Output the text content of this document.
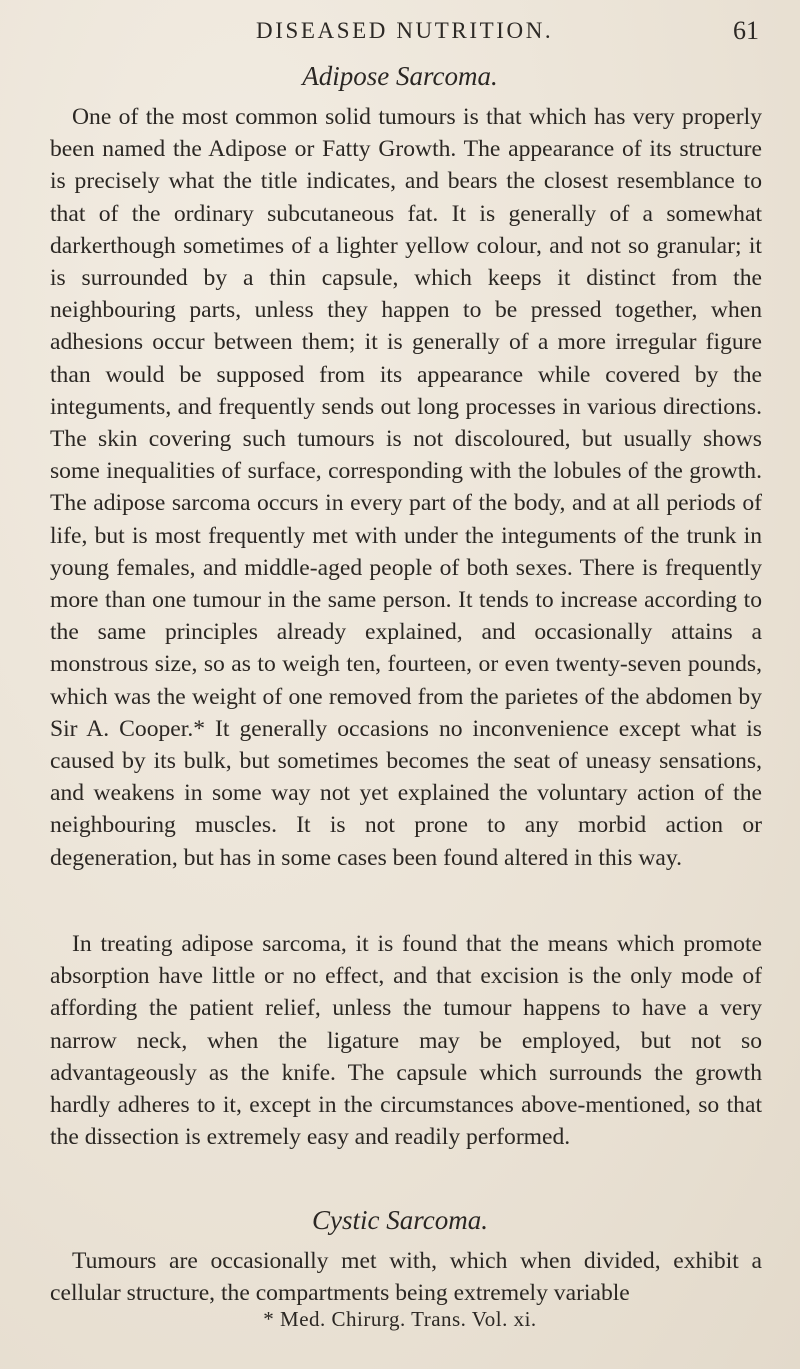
DISEASED NUTRITION.	61
Adipose Sarcoma.

One of the most common solid tumours is that which has very properly been named the Adipose or Fatty Growth. The appearance of its structure is precisely what the title indicates, and bears the closest resemblance to that of the ordinary subcutaneous fat. It is generally of a somewhat darkerthough sometimes of a lighter yellow colour, and not so granular; it is surrounded by a thin capsule, which keeps it distinct from the neighbouring parts, unless they happen to be pressed together, when adhesions occur between them; it is generally of a more irregular figure than would be supposed from its appearance while covered by the integuments, and frequently sends out long processes in various directions. The skin covering such tumours is not discoloured, but usually shows some inequalities of surface, corresponding with the lobules of the growth. The adipose sarcoma occurs in every part of the body, and at all periods of life, but is most frequently met with under the integuments of the trunk in young females, and middle-aged people of both sexes. There is frequently more than one tumour in the same person. It tends to increase according to the same principles already explained, and occasionally attains a monstrous size, so as to weigh ten, fourteen, or even twenty-seven pounds, which was the weight of one removed from the parietes of the abdomen by Sir A. Cooper.* It generally occasions no inconvenience except what is caused by its bulk, but sometimes becomes the seat of uneasy sensations, and weakens in some way not yet explained the voluntary action of the neighbouring muscles. It is not prone to any morbid action or degeneration, but has in some cases been found altered in this way.

In treating adipose sarcoma, it is found that the means which promote absorption have little or no effect, and that excision is the only mode of affording the patient relief, unless the tumour happens to have a very narrow neck, when the ligature may be employed, but not so advantageously as the knife. The capsule which surrounds the growth hardly adheres to it, except in the circumstances above-mentioned, so that the dissection is extremely easy and readily performed.

Cystic Sarcoma.

Tumours are occasionally met with, which when divided, exhibit a cellular structure, the compartments being extremely variable

* Med. Chirurg. Trans. Vol. xi.
